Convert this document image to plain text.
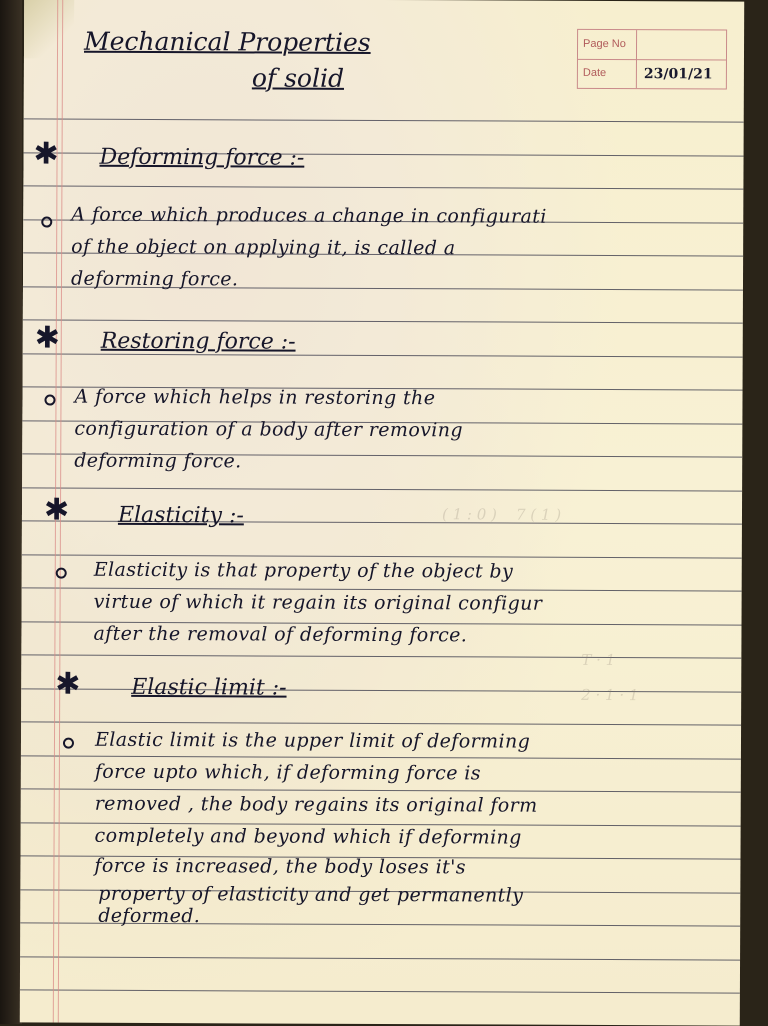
Page No
Date	23/01/21
Mechanical Properties
of solid
( 1 : 0 )    7 ( 1 )
T · 1
2 · 1 · 1
✱ Deforming force :-
A force which produces a change in configurati
of the object on applying it, is called a
deforming force.
✱ Restoring force :-
A force which helps in restoring the
configuration of a body after removing
deforming force.
✱ Elasticity :-
Elasticity is that property of the object by
virtue of which it regain its original configur
after the removal of deforming force.
✱ Elastic limit :-
Elastic limit is the upper limit of deforming
force upto which, if deforming force is
removed , the body regains its original form
completely and beyond which if deforming
force is increased, the body loses it's
property of elasticity and get permanently
deformed.
